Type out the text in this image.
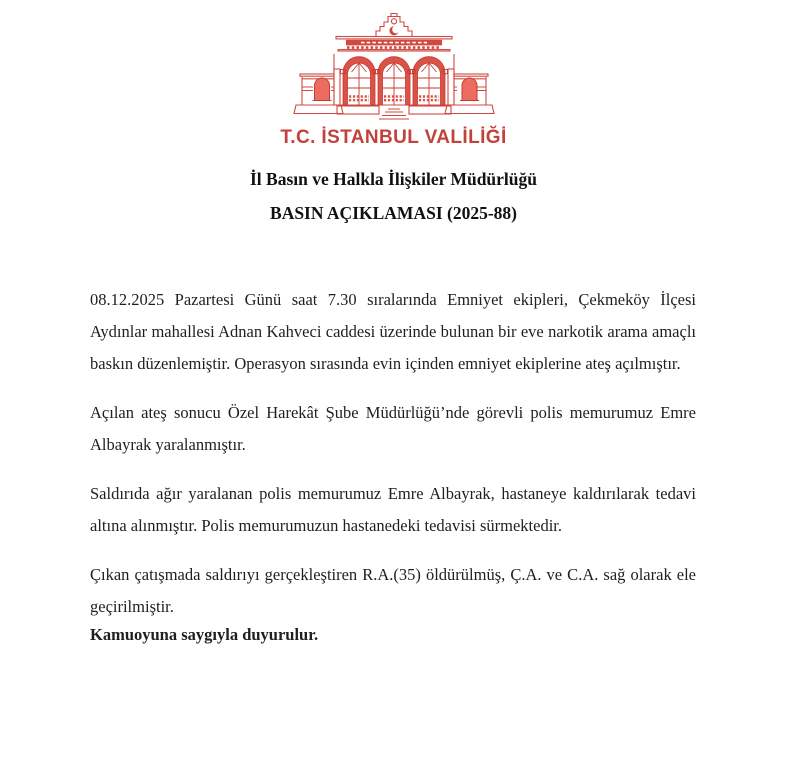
T.C. İSTANBUL VALİLİĞİ
İl Basın ve Halkla İlişkiler Müdürlüğü
BASIN AÇIKLAMASI (2025-88)

08.12.2025 Pazartesi Günü saat 7.30 sıralarında Emniyet ekipleri, Çekmeköy İlçesi Aydınlar mahallesi Adnan Kahveci caddesi üzerinde bulunan bir eve narkotik arama amaçlı baskın düzenlemiştir. Operasyon sırasında evin içinden emniyet ekiplerine ateş açılmıştır.

Açılan ateş sonucu Özel Harekât Şube Müdürlüğü’nde görevli polis memurumuz Emre Albayrak yaralanmıştır.

Saldırıda ağır yaralanan polis memurumuz Emre Albayrak, hastaneye kaldırılarak tedavi altına alınmıştır. Polis memurumuzun hastanedeki tedavisi sürmektedir.

Çıkan çatışmada saldırıyı gerçekleştiren R.A.(35) öldürülmüş, Ç.A. ve C.A. sağ olarak ele geçirilmiştir.

Kamuoyuna saygıyla duyurulur.
